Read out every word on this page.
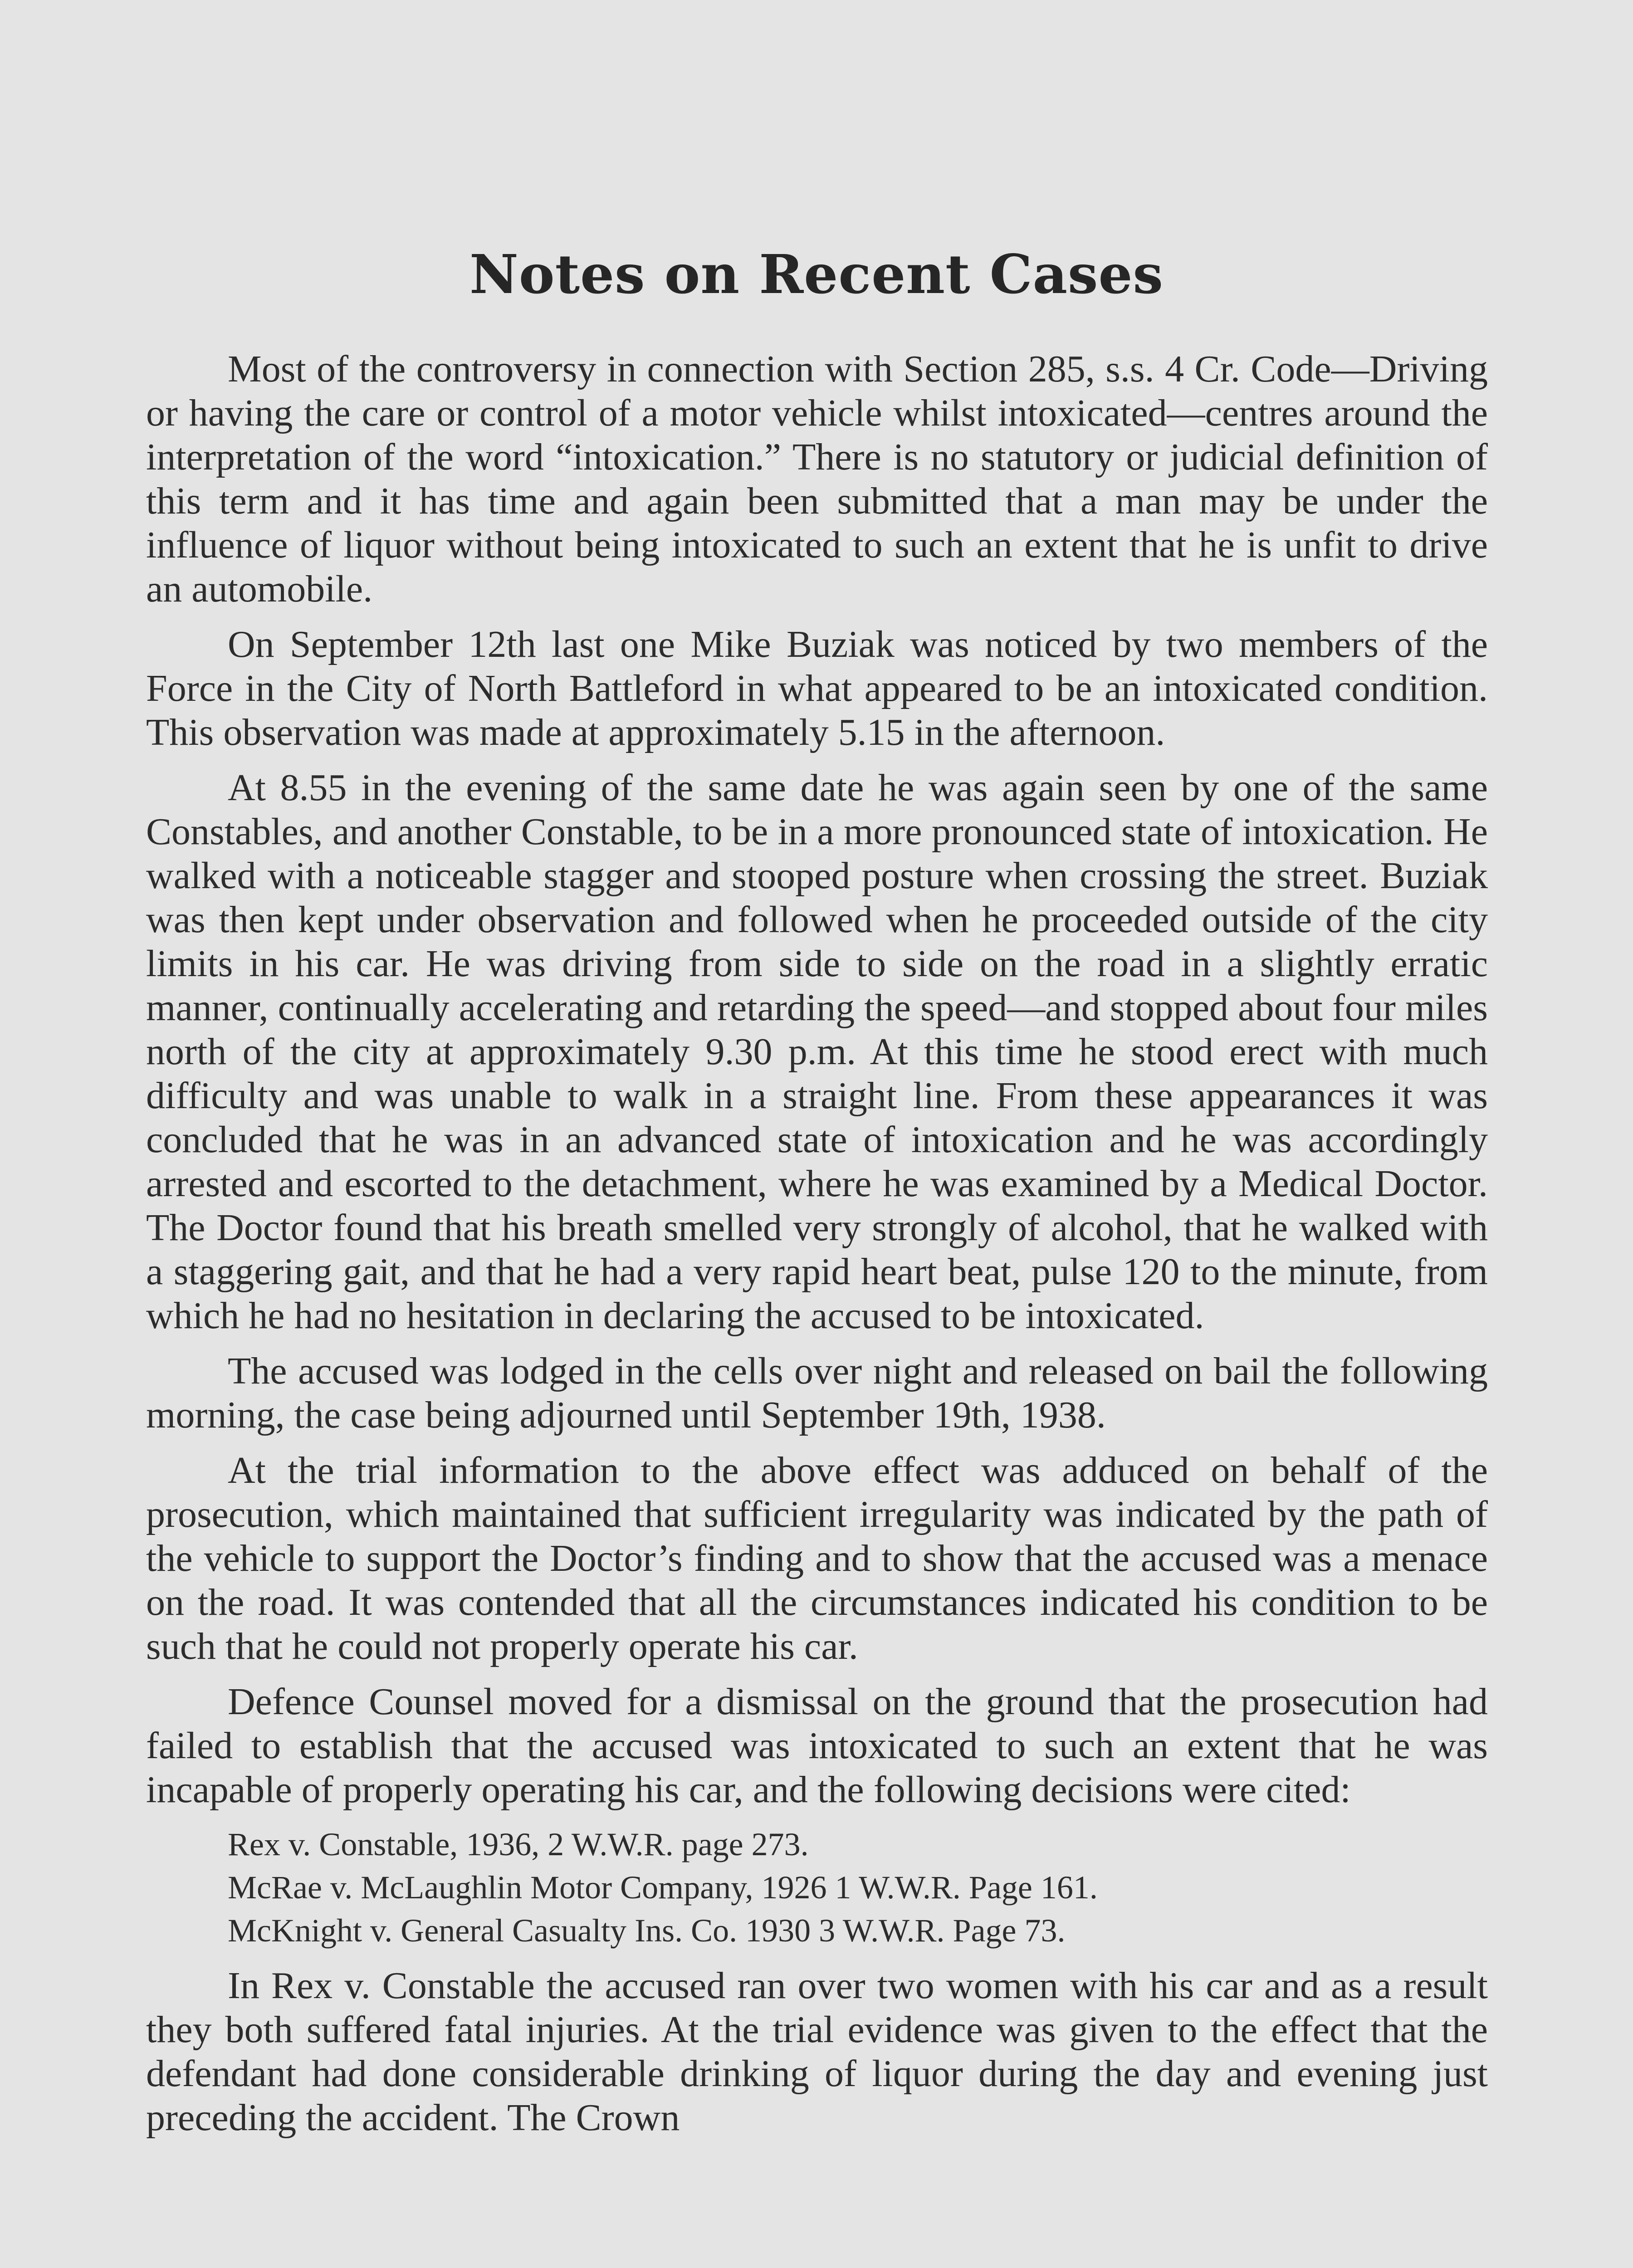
Notes on Recent Cases

Most of the controversy in connection with Section 285, s.s. 4 Cr. Code—Driving or having the care or control of a motor vehicle whilst intoxicated—centres around the interpretation of the word “intoxication.” There is no statutory or judicial definition of this term and it has time and again been submitted that a man may be under the influence of liquor without being intoxicated to such an extent that he is unfit to drive an automobile.

On September 12th last one Mike Buziak was noticed by two members of the Force in the City of North Battleford in what appeared to be an intoxicated condition. This observation was made at approximately 5.15 in the afternoon.

At 8.55 in the evening of the same date he was again seen by one of the same Constables, and another Constable, to be in a more pronounced state of intoxication. He walked with a noticeable stagger and stooped posture when crossing the street. Buziak was then kept under observation and followed when he proceeded outside of the city limits in his car. He was driving from side to side on the road in a slightly erratic manner, continually accelerating and retarding the speed—and stopped about four miles north of the city at approximately 9.30 p.m. At this time he stood erect with much difficulty and was unable to walk in a straight line. From these appearances it was concluded that he was in an advanced state of intoxication and he was accordingly arrested and escorted to the detachment, where he was examined by a Medical Doctor. The Doctor found that his breath smelled very strongly of alcohol, that he walked with a staggering gait, and that he had a very rapid heart beat, pulse 120 to the minute, from which he had no hesitation in declaring the accused to be intoxicated.

The accused was lodged in the cells over night and released on bail the following morning, the case being adjourned until September 19th, 1938.

At the trial information to the above effect was adduced on behalf of the prosecution, which maintained that sufficient irregularity was indicated by the path of the vehicle to support the Doctor’s finding and to show that the accused was a menace on the road. It was contended that all the circumstances indicated his condition to be such that he could not properly operate his car.

Defence Counsel moved for a dismissal on the ground that the prosecution had failed to establish that the accused was intoxicated to such an extent that he was incapable of properly operating his car, and the following decisions were cited:

Rex v. Constable, 1936, 2 W.W.R. page 273.
McRae v. McLaughlin Motor Company, 1926 1 W.W.R. Page 161.
McKnight v. General Casualty Ins. Co. 1930 3 W.W.R. Page 73.

In Rex v. Constable the accused ran over two women with his car and as a result they both suffered fatal injuries. At the trial evidence was given to the effect that the defendant had done considerable drinking of liquor during the day and evening just preceding the accident. The Crown
